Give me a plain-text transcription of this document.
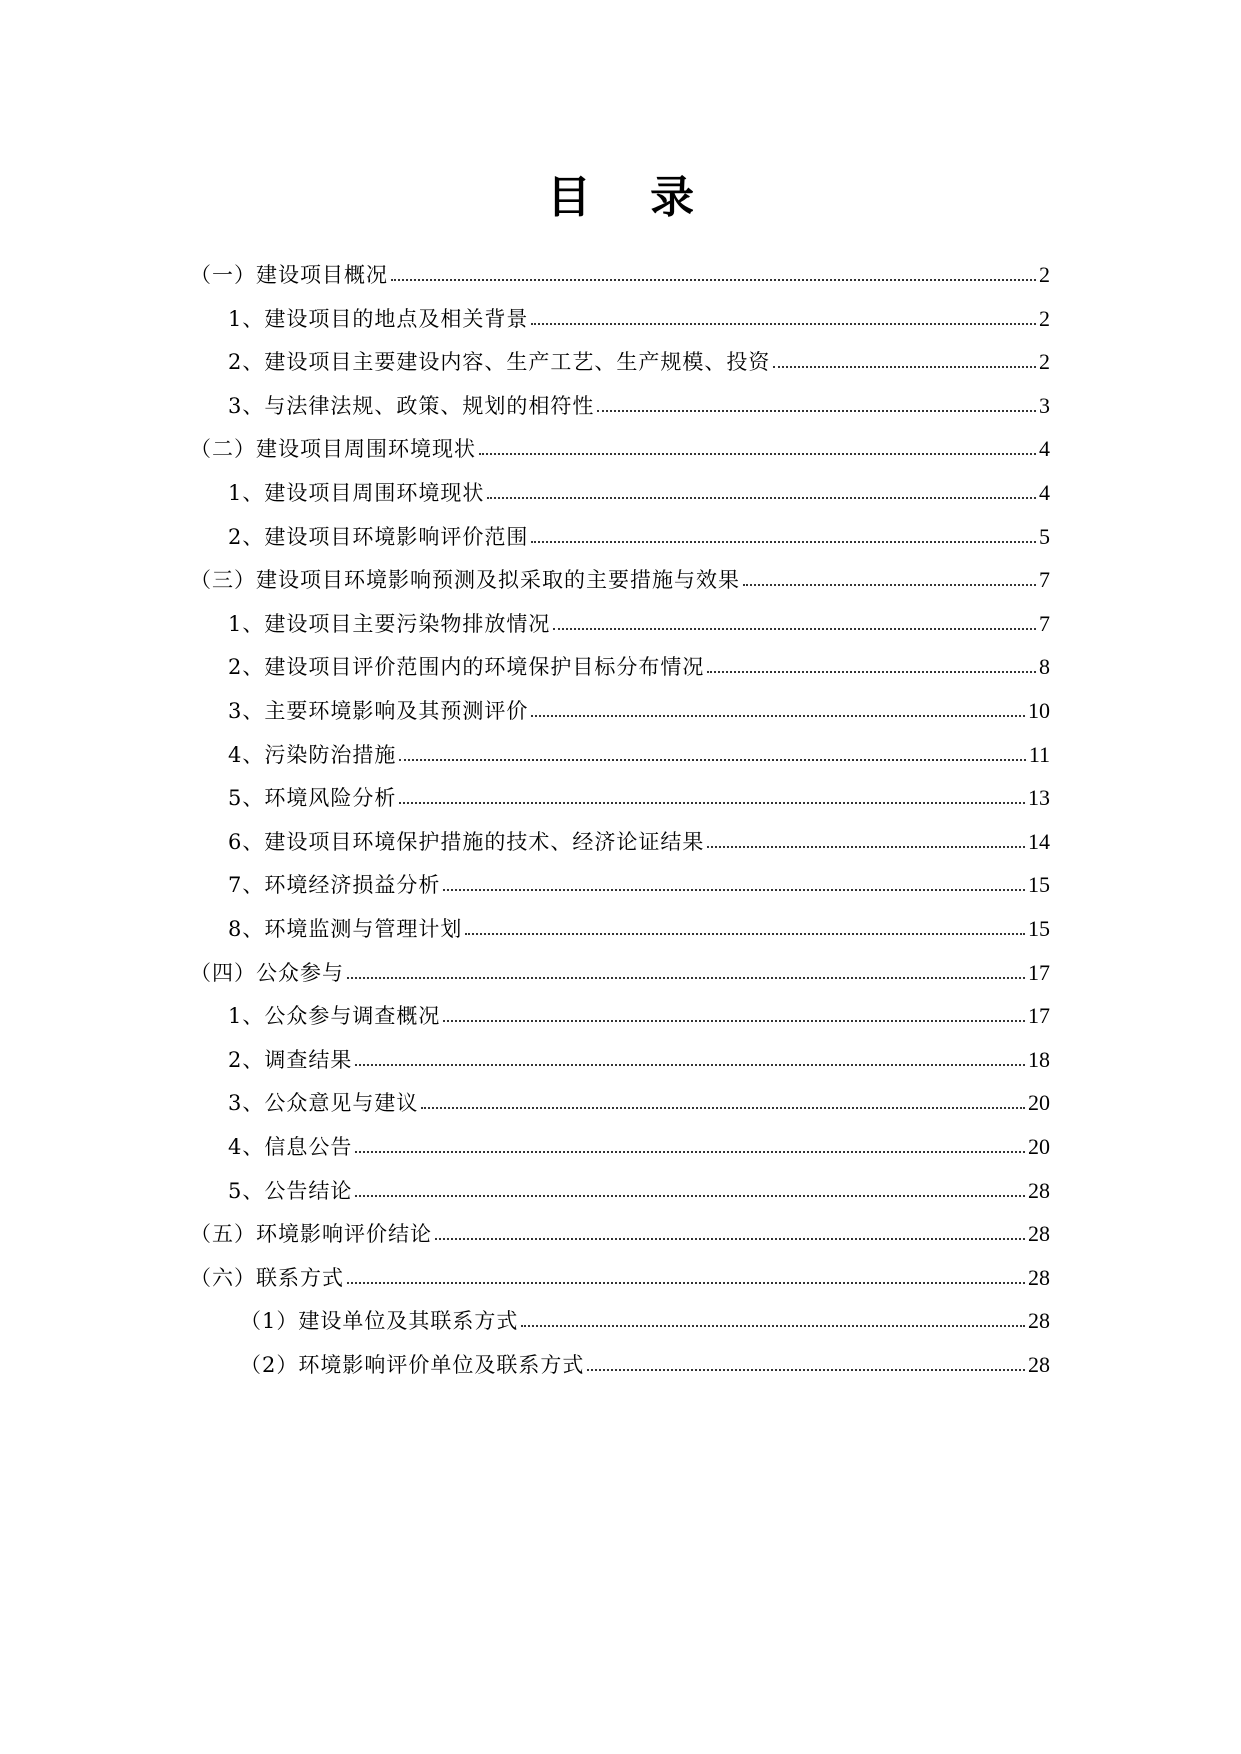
目 录
（一）建设项目概况	2
1、建设项目的地点及相关背景	2
2、建设项目主要建设内容、生产工艺、生产规模、投资	2
3、与法律法规、政策、规划的相符性	3
（二）建设项目周围环境现状	4
1、建设项目周围环境现状	4
2、建设项目环境影响评价范围	5
（三）建设项目环境影响预测及拟采取的主要措施与效果	7
1、建设项目主要污染物排放情况	7
2、建设项目评价范围内的环境保护目标分布情况	8
3、主要环境影响及其预测评价	10
4、污染防治措施	11
5、环境风险分析	13
6、建设项目环境保护措施的技术、经济论证结果	14
7、环境经济损益分析	15
8、环境监测与管理计划	15
（四）公众参与	17
1、公众参与调查概况	17
2、调查结果	18
3、公众意见与建议	20
4、信息公告	20
5、公告结论	28
（五）环境影响评价结论	28
（六）联系方式	28
（1）建设单位及其联系方式	28
（2）环境影响评价单位及联系方式	28
